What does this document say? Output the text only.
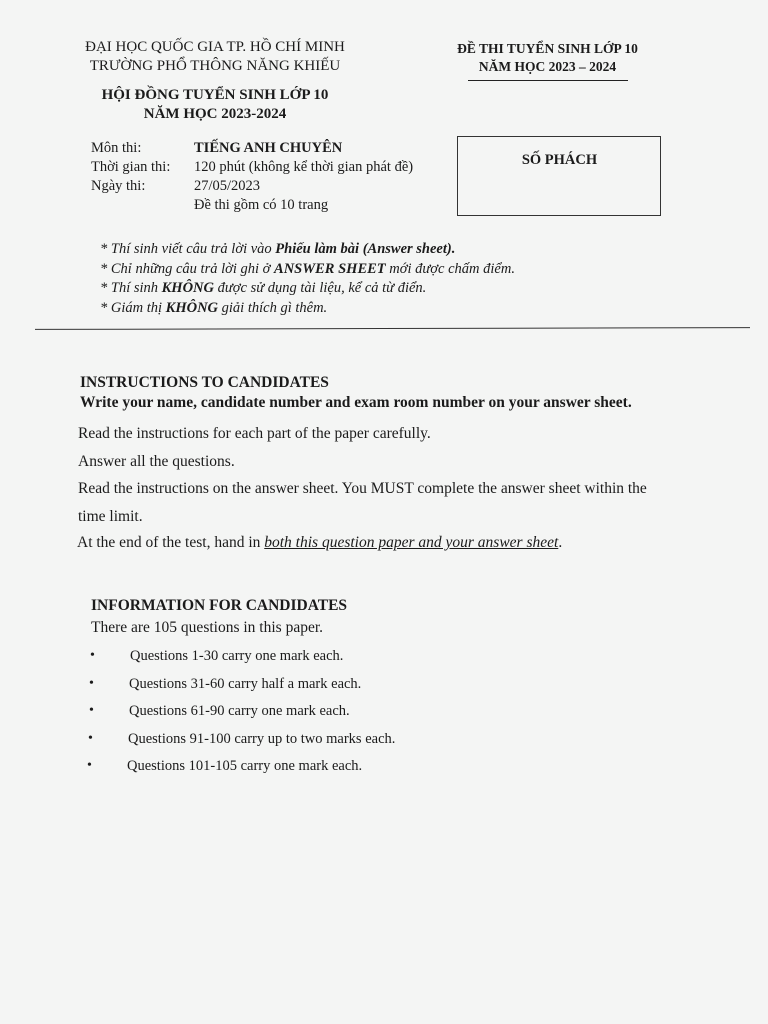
ĐẠI HỌC QUỐC GIA TP. HỒ CHÍ MINH
TRƯỜNG PHỔ THÔNG NĂNG KHIẾU
HỘI ĐỒNG TUYỂN SINH LỚP 10
NĂM HỌC 2023-2024
ĐỀ THI TUYỂN SINH LỚP 10
NĂM HỌC 2023 – 2024
Môn thi:	TIẾNG ANH CHUYÊN
Thời gian thi:	120 phút (không kể thời gian phát đề)
Ngày thi:	27/05/2023
Đề thi gồm có 10 trang
SỐ PHÁCH
* Thí sinh viết câu trả lời vào Phiếu làm bài (Answer sheet).
* Chỉ những câu trả lời ghi ở ANSWER SHEET mới được chấm điểm.
* Thí sinh KHÔNG được sử dụng tài liệu, kể cả từ điển.
* Giám thị KHÔNG giải thích gì thêm.
INSTRUCTIONS TO CANDIDATES
Write your name, candidate number and exam room number on your answer sheet.
Read the instructions for each part of the paper carefully.
Answer all the questions.
Read the instructions on the answer sheet. You MUST complete the answer sheet within the
time limit.
At the end of the test, hand in both this question paper and your answer sheet.
INFORMATION FOR CANDIDATES
There are 105 questions in this paper.
• Questions 1-30 carry one mark each.
• Questions 31-60 carry half a mark each.
• Questions 61-90 carry one mark each.
• Questions 91-100 carry up to two marks each.
• Questions 101-105 carry one mark each.
